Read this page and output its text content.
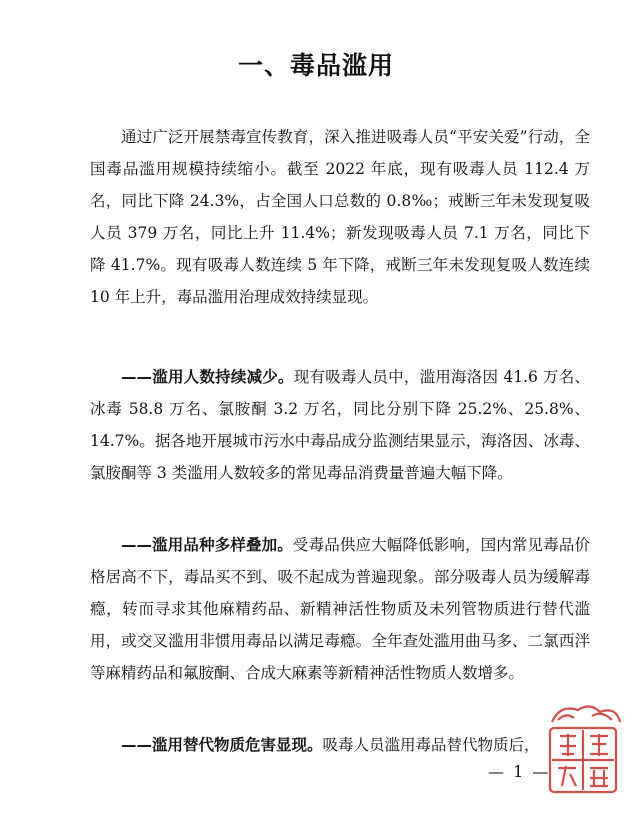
一、毒品滥用

通过广泛开展禁毒宣传教育，深入推进吸毒人员“平安关爱”行动，全国毒品滥用规模持续缩小。截至 2022 年底，现有吸毒人员 112.4 万名，同比下降 24.3%，占全国人口总数的 0.8‰；戒断三年未发现复吸人员 379 万名，同比上升 11.4%；新发现吸毒人员 7.1 万名，同比下降 41.7%。现有吸毒人数连续 5 年下降，戒断三年未发现复吸人数连续 10 年上升，毒品滥用治理成效持续显现。

——滥用人数持续减少。现有吸毒人员中，滥用海洛因 41.6 万名、冰毒 58.8 万名、氯胺酮 3.2 万名，同比分别下降 25.2%、25.8%、14.7%。据各地开展城市污水中毒品成分监测结果显示，海洛因、冰毒、氯胺酮等 3 类滥用人数较多的常见毒品消费量普遍大幅下降。

——滥用品种多样叠加。受毒品供应大幅降低影响，国内常见毒品价格居高不下，毒品买不到、吸不起成为普遍现象。部分吸毒人员为缓解毒瘾，转而寻求其他麻精药品、新精神活性物质及未列管物质进行替代滥用，或交叉滥用非惯用毒品以满足毒瘾。全年查处滥用曲马多、二氯西泮等麻精药品和氟胺酮、合成大麻素等新精神活性物质人数增多。

——滥用替代物质危害显现。吸毒人员滥用毒品替代物质后，

— 1 —
